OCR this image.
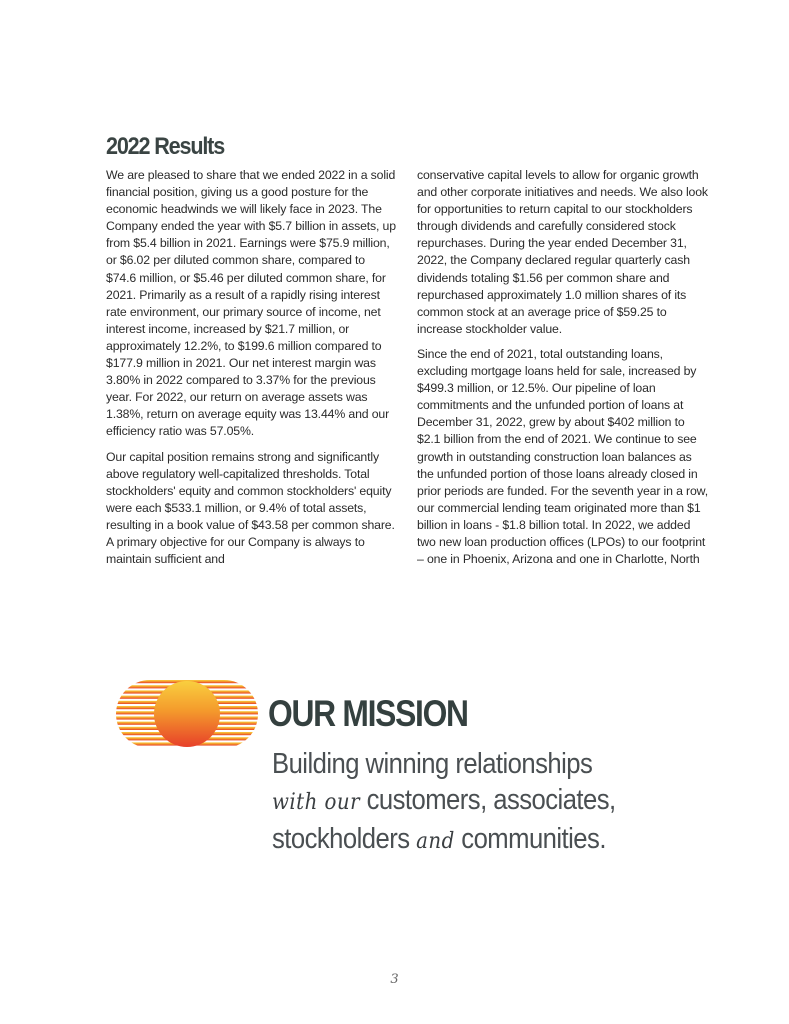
2022 Results

We are pleased to share that we ended 2022 in a solid financial position, giving us a good posture for the economic headwinds we will likely face in 2023. The Company ended the year with $5.7 billion in assets, up from $5.4 billion in 2021. Earnings were $75.9 million, or $6.02 per diluted common share, compared to $74.6 million, or $5.46 per diluted common share, for 2021. Primarily as a result of a rapidly rising interest rate environment, our primary source of income, net interest income, increased by $21.7 million, or approximately 12.2%, to $199.6 million compared to $177.9 million in 2021. Our net interest margin was 3.80% in 2022 compared to 3.37% for the previous year. For 2022, our return on average assets was 1.38%, return on average equity was 13.44% and our efficiency ratio was 57.05%.

Our capital position remains strong and significantly above regulatory well-capitalized thresholds. Total stockholders' equity and common stockholders' equity were each $533.1 million, or 9.4% of total assets, resulting in a book value of $43.58 per common share. A primary objective for our Company is always to maintain sufficient and

conservative capital levels to allow for organic growth and other corporate initiatives and needs. We also look for opportunities to return capital to our stockholders through dividends and carefully considered stock repurchases. During the year ended December 31, 2022, the Company declared regular quarterly cash dividends totaling $1.56 per common share and repurchased approximately 1.0 million shares of its common stock at an average price of $59.25 to increase stockholder value.

Since the end of 2021, total outstanding loans, excluding mortgage loans held for sale, increased by $499.3 million, or 12.5%. Our pipeline of loan commitments and the unfunded portion of loans at December 31, 2022, grew by about $402 million to $2.1 billion from the end of 2021. We continue to see growth in outstanding construction loan balances as the unfunded portion of those loans already closed in prior periods are funded. For the seventh year in a row, our commercial lending team originated more than $1 billion in loans - $1.8 billion total. In 2022, we added two new loan production offices (LPOs) to our footprint – one in Phoenix, Arizona and one in Charlotte, North

OUR MISSION

Building winning relationships
with our customers, associates,
stockholders and communities.

3
